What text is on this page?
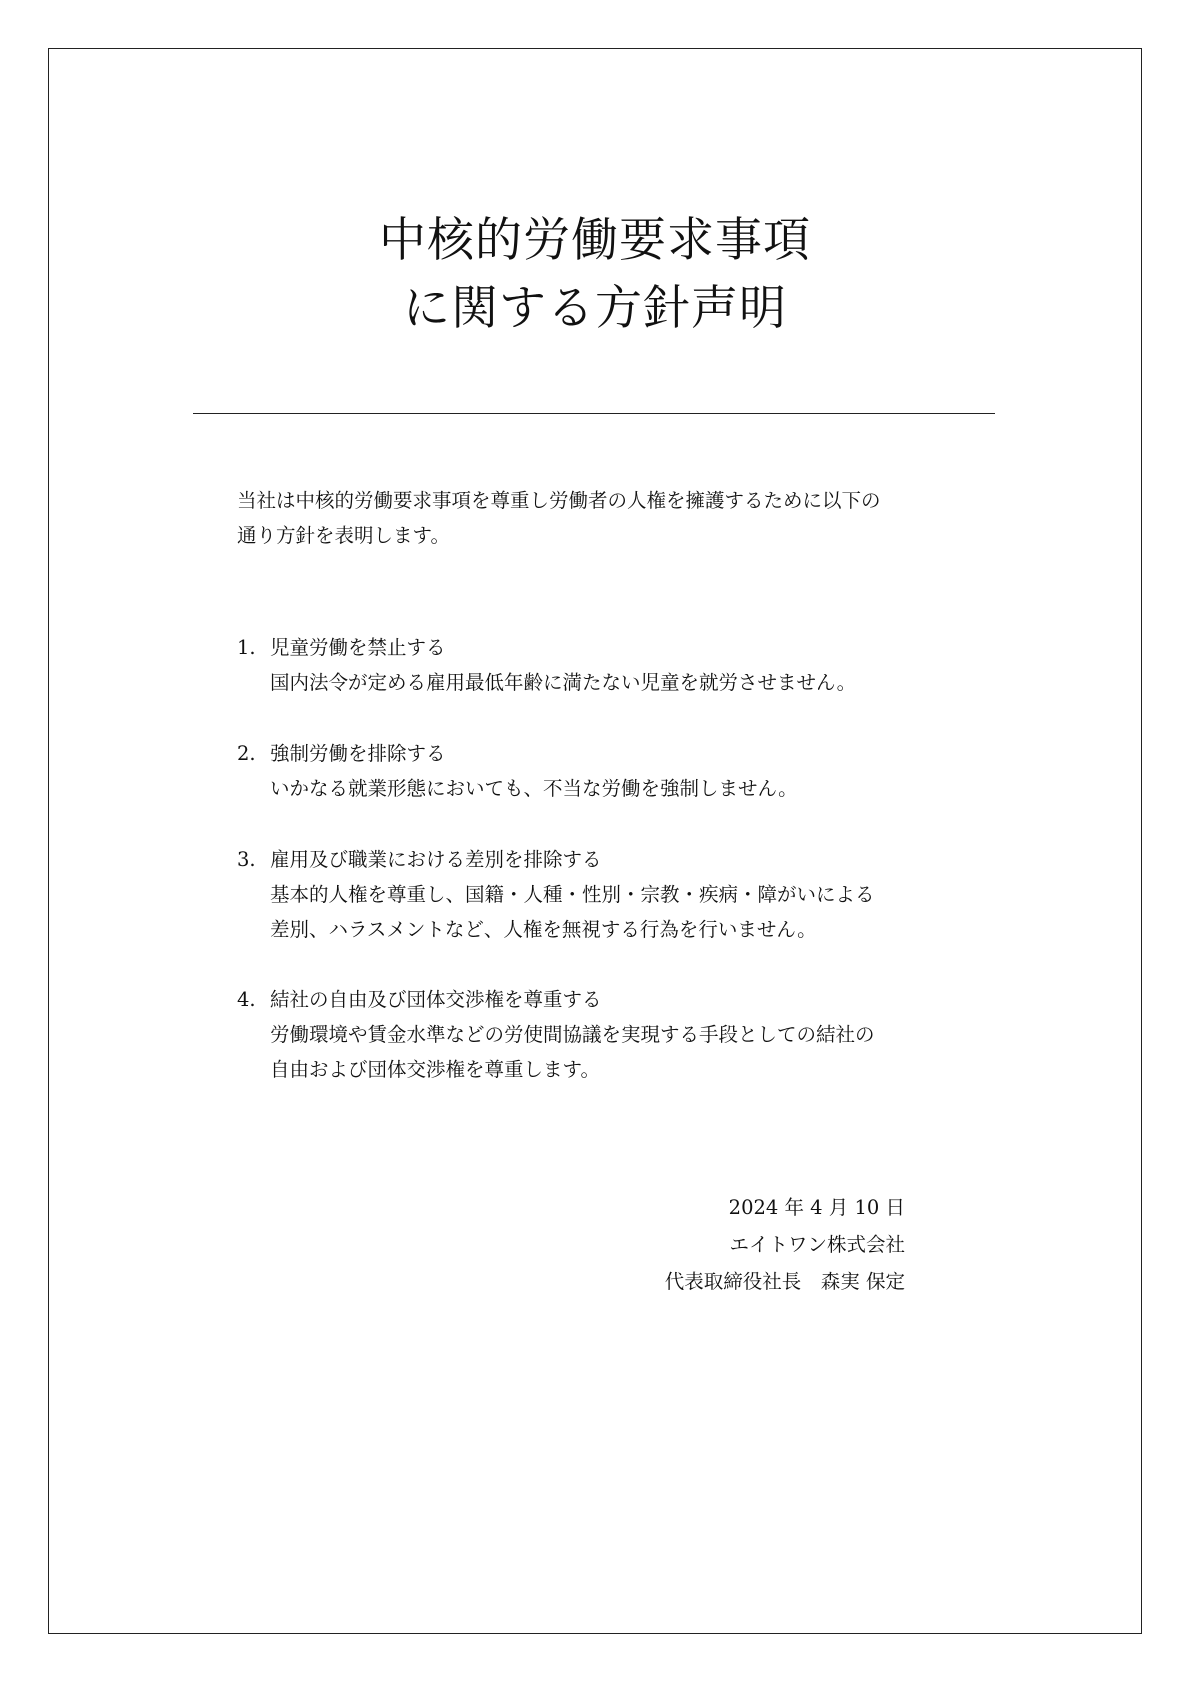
中核的労働要求事項
に関する方針声明
当社は中核的労働要求事項を尊重し労働者の人権を擁護するために以下の
通り方針を表明します。
1. 児童労働を禁止する
国内法令が定める雇用最低年齢に満たない児童を就労させません。
2. 強制労働を排除する
いかなる就業形態においても、不当な労働を強制しません。
3. 雇用及び職業における差別を排除する
基本的人権を尊重し、国籍・人種・性別・宗教・疾病・障がいによる
差別、ハラスメントなど、人権を無視する行為を行いません。
4. 結社の自由及び団体交渉権を尊重する
労働環境や賃金水準などの労使間協議を実現する手段としての結社の
自由および団体交渉権を尊重します。
2024 年 4 月 10 日
エイトワン株式会社
代表取締役社長　森実 保定
